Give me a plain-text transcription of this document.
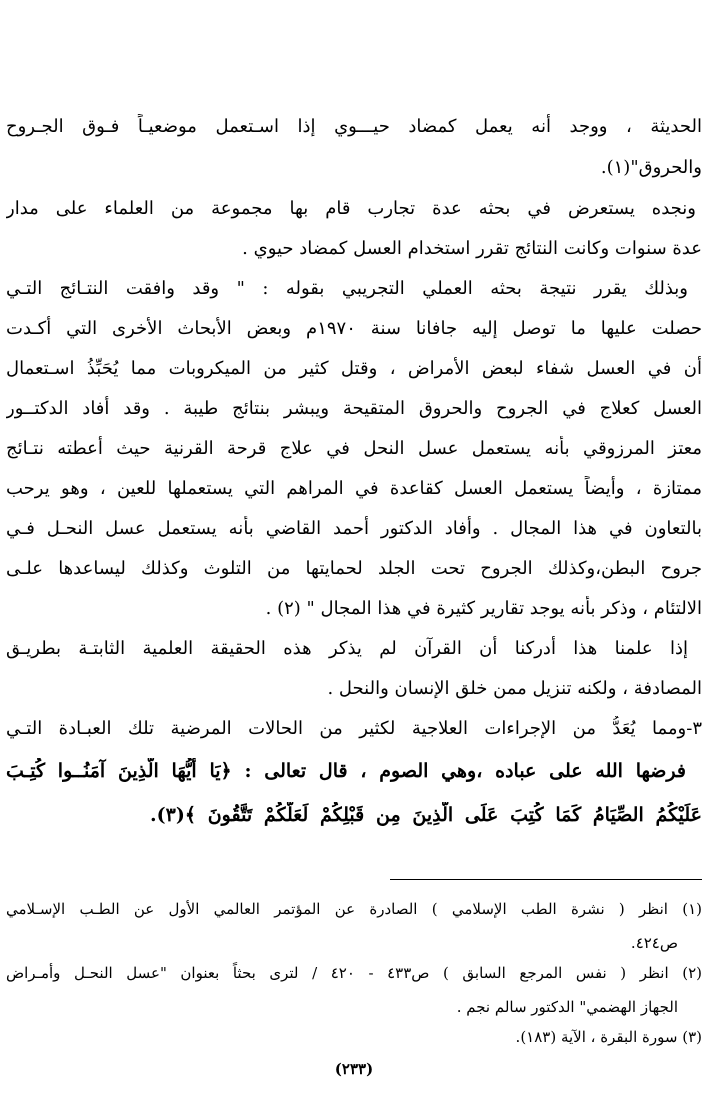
الحديثة ، ووجد أنه يعمل كمضاد حيـــوي إذا اسـتعمل موضعيـاً فـوق الجـروح
والحروق"(١).
ونجده يستعرض في بحثه عدة تجارب قام بها مجموعة من العلماء على مدار
عدة سنوات وكانت النتائج تقرر استخدام العسل كمضاد حيوي .
وبذلك يقرر نتيجة بحثه العملي التجريبي بقوله : " وقد وافقت النتـائج التـي
حصلت عليها ما توصل إليه جافانا سنة ١٩٧٠م وبعض الأبحاث الأخرى التي أكـدت
أن في العسل شفاء لبعض الأمراض ، وقتل كثير من الميكروبات مما يُحَبِّذُ اسـتعمال
العسل كعلاج في الجروح والحروق المتقيحة ويبشر بنتائج طيبة . وقد أفاد الدكتــور
معتز المرزوقي بأنه يستعمل عسل النحل في علاج قرحة القرنية حيث أعطته نتـائج
ممتازة ، وأيضاً يستعمل العسل كقاعدة في المراهم التي يستعملها للعين ، وهو يرحب
بالتعاون في هذا المجال . وأفاد الدكتور أحمد القاضي بأنه يستعمل عسل النحـل فـي
جروح البطن،وكذلك الجروح تحت الجلد لحمايتها من التلوث وكذلك ليساعدها علـى
الالتئام ، وذكر بأنه يوجد تقارير كثيرة في هذا المجال " (٢) .
إذا علمنا هذا أدركنا أن القرآن لم يذكر هذه الحقيقة العلمية الثابتـة بطريـق
المصادفة ، ولكنه تنزيل ممن خلق الإنسان والنحل .
٣-ومما يُعَدُّ من الإجراءات العلاجية لكثير من الحالات المرضية تلك العبـادة التـي
فرضها الله على عباده ،وهي الصوم ، قال تعالى : ﴿يَا أَيُّهَا الَّذِينَ آمَنُــوا كُتِـبَ
عَلَيْكُمُ الصِّيَامُ كَمَا كُتِبَ عَلَى الَّذِينَ مِن قَبْلِكُمْ لَعَلَّكُمْ تَتَّقُونَ ﴾(٣).
(١) انظر ( نشرة الطب الإسلامي ) الصادرة عن المؤتمر العالمي الأول عن الطـب الإسـلامي
ص٤٢٤.
(٢) انظر ( نفس المرجع السابق ) ص٤٣٣ - ٤٢٠ / لترى بحثاً بعنوان "عسل النحـل وأمـراض
الجهاز الهضمي" الدكتور سالم نجم .
(٣) سورة البقرة ، الآية (١٨٣).
(٢٣٣)
